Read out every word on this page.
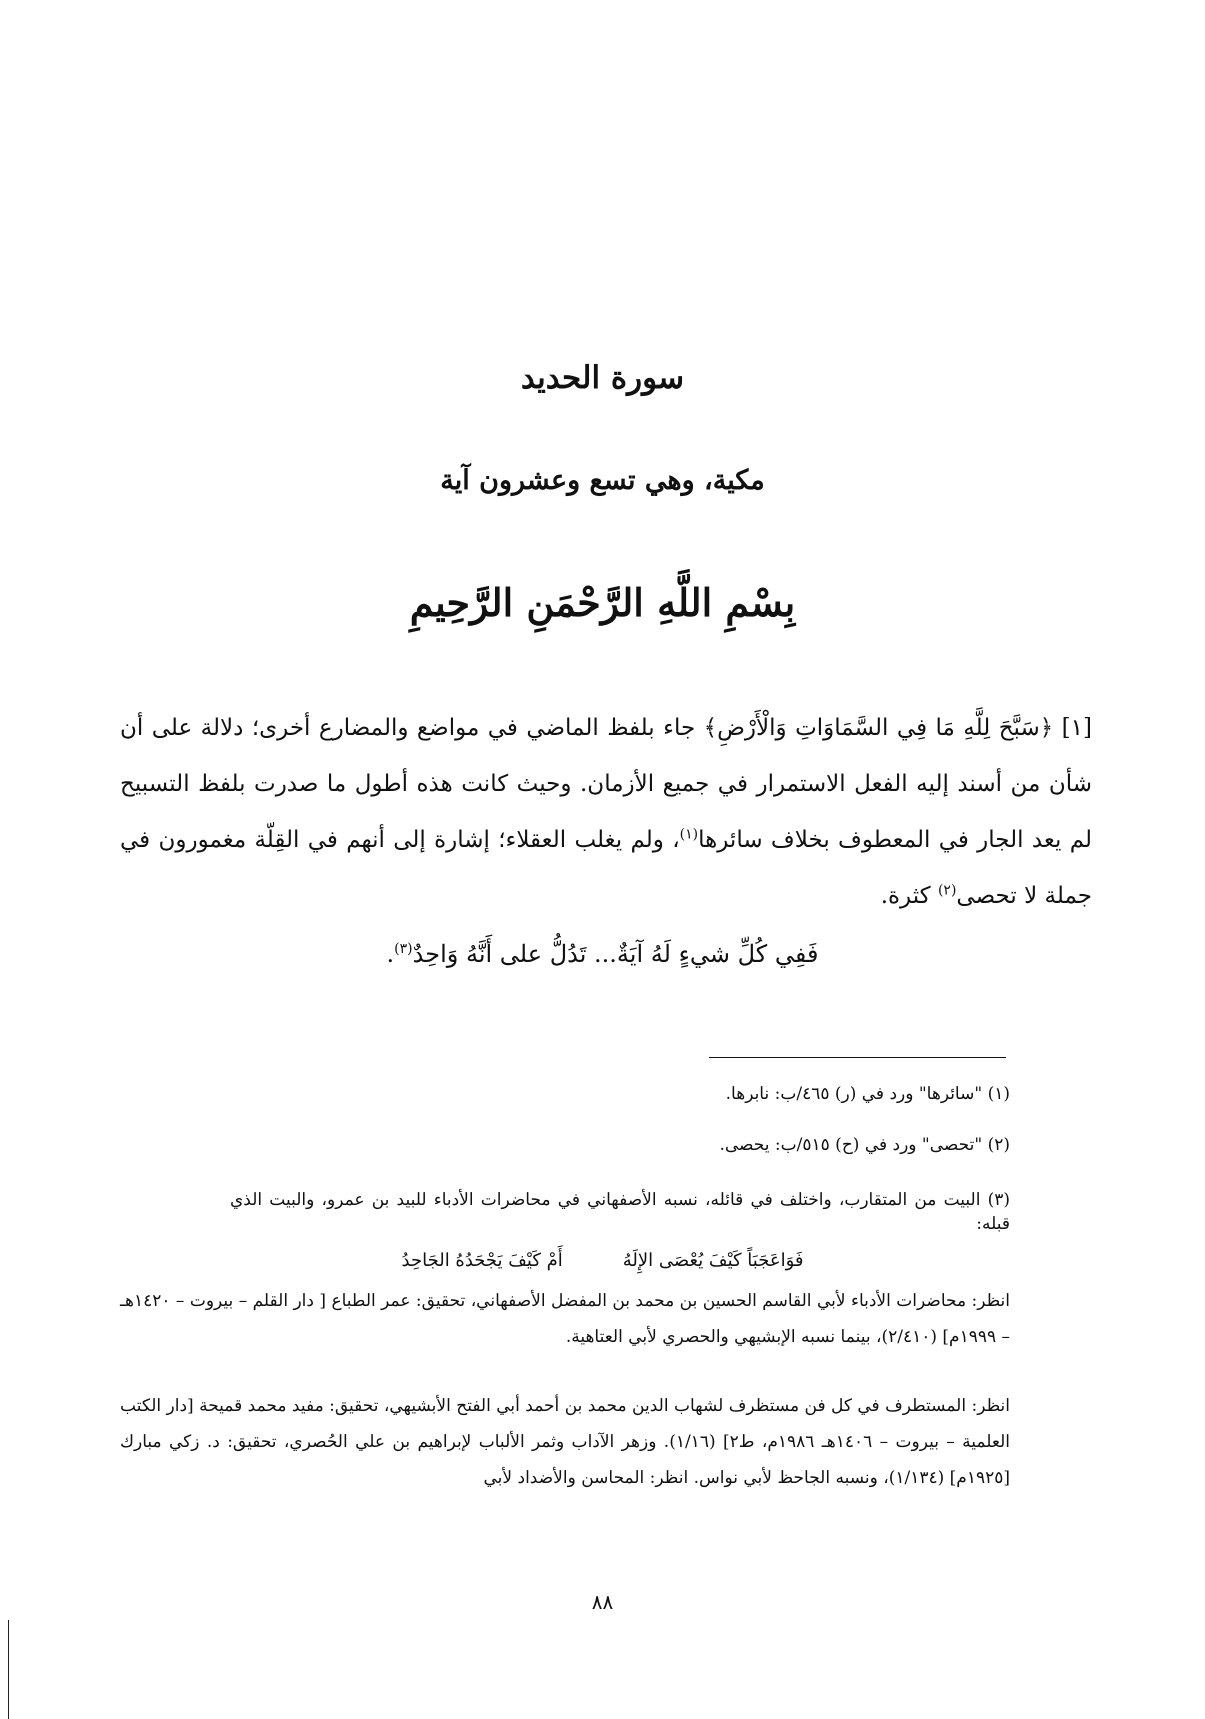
سورة الحديد
مكية، وهي تسع وعشرون آية
بِسْمِ اللَّهِ الرَّحْمَنِ الرَّحِيمِ
[١] ﴿سَبَّحَ لِلَّهِ مَا فِي السَّمَاوَاتِ وَالْأَرْضِ﴾ جاء بلفظ الماضي في مواضع والمضارع أخرى؛ دلالة على أن شأن من أسند إليه الفعل الاستمرار في جميع الأزمان. وحيث كانت هذه أطول ما صدرت بلفظ التسبيح لم يعد الجار في المعطوف بخلاف سائرها$^{(١)}$، ولم يغلب العقلاء؛ إشارة إلى أنهم في القِلّة مغمورون في جملة لا تحصى$^{(٢)}$ كثرة.
فَفِي كُلِّ شيءٍ لَهُ آيَةٌ... تَدُلُّ على أَنَّهُ وَاحِدٌ$^{(٣)}$.
(١) "سائرها" ورد في (ر) ٤٦٥/ب: نابرها.
(٢) "تحصى" ورد في (ح) ٥١٥/ب: يحصى.
(٣) البيت من المتقارب، واختلف في قائله، نسبه الأصفهاني في محاضرات الأدباء للبيد بن عمرو، والبيت الذي قبله:
فَوَاعَجَبَاً كَيْفَ يُعْصَى الإِلَهُأَمْ كَيْفَ يَجْحَدُهُ الجَاحِدُ
انظر: محاضرات الأدباء لأبي القاسم الحسين بن محمد بن المفضل الأصفهاني، تحقيق: عمر الطباع [ دار القلم – بيروت – ١٤٢٠هـ – ١٩٩٩م] (٢/٤١٠)، بينما نسبه الإبشيهي والحصري لأبي العتاهية.
انظر: المستطرف في كل فن مستظرف لشهاب الدين محمد بن أحمد أبي الفتح الأبشيهي، تحقيق: مفيد محمد قميحة [دار الكتب العلمية – بيروت – ١٤٠٦هـ ١٩٨٦م، ط٢] (١/١٦). وزهر الآداب وثمر الألباب لإبراهيم بن علي الحُصري، تحقيق: د. زكي مبارك [١٩٢٥م] (١/١٣٤)، ونسبه الجاحظ لأبي نواس. انظر: المحاسن والأضداد لأبي
٨٨
